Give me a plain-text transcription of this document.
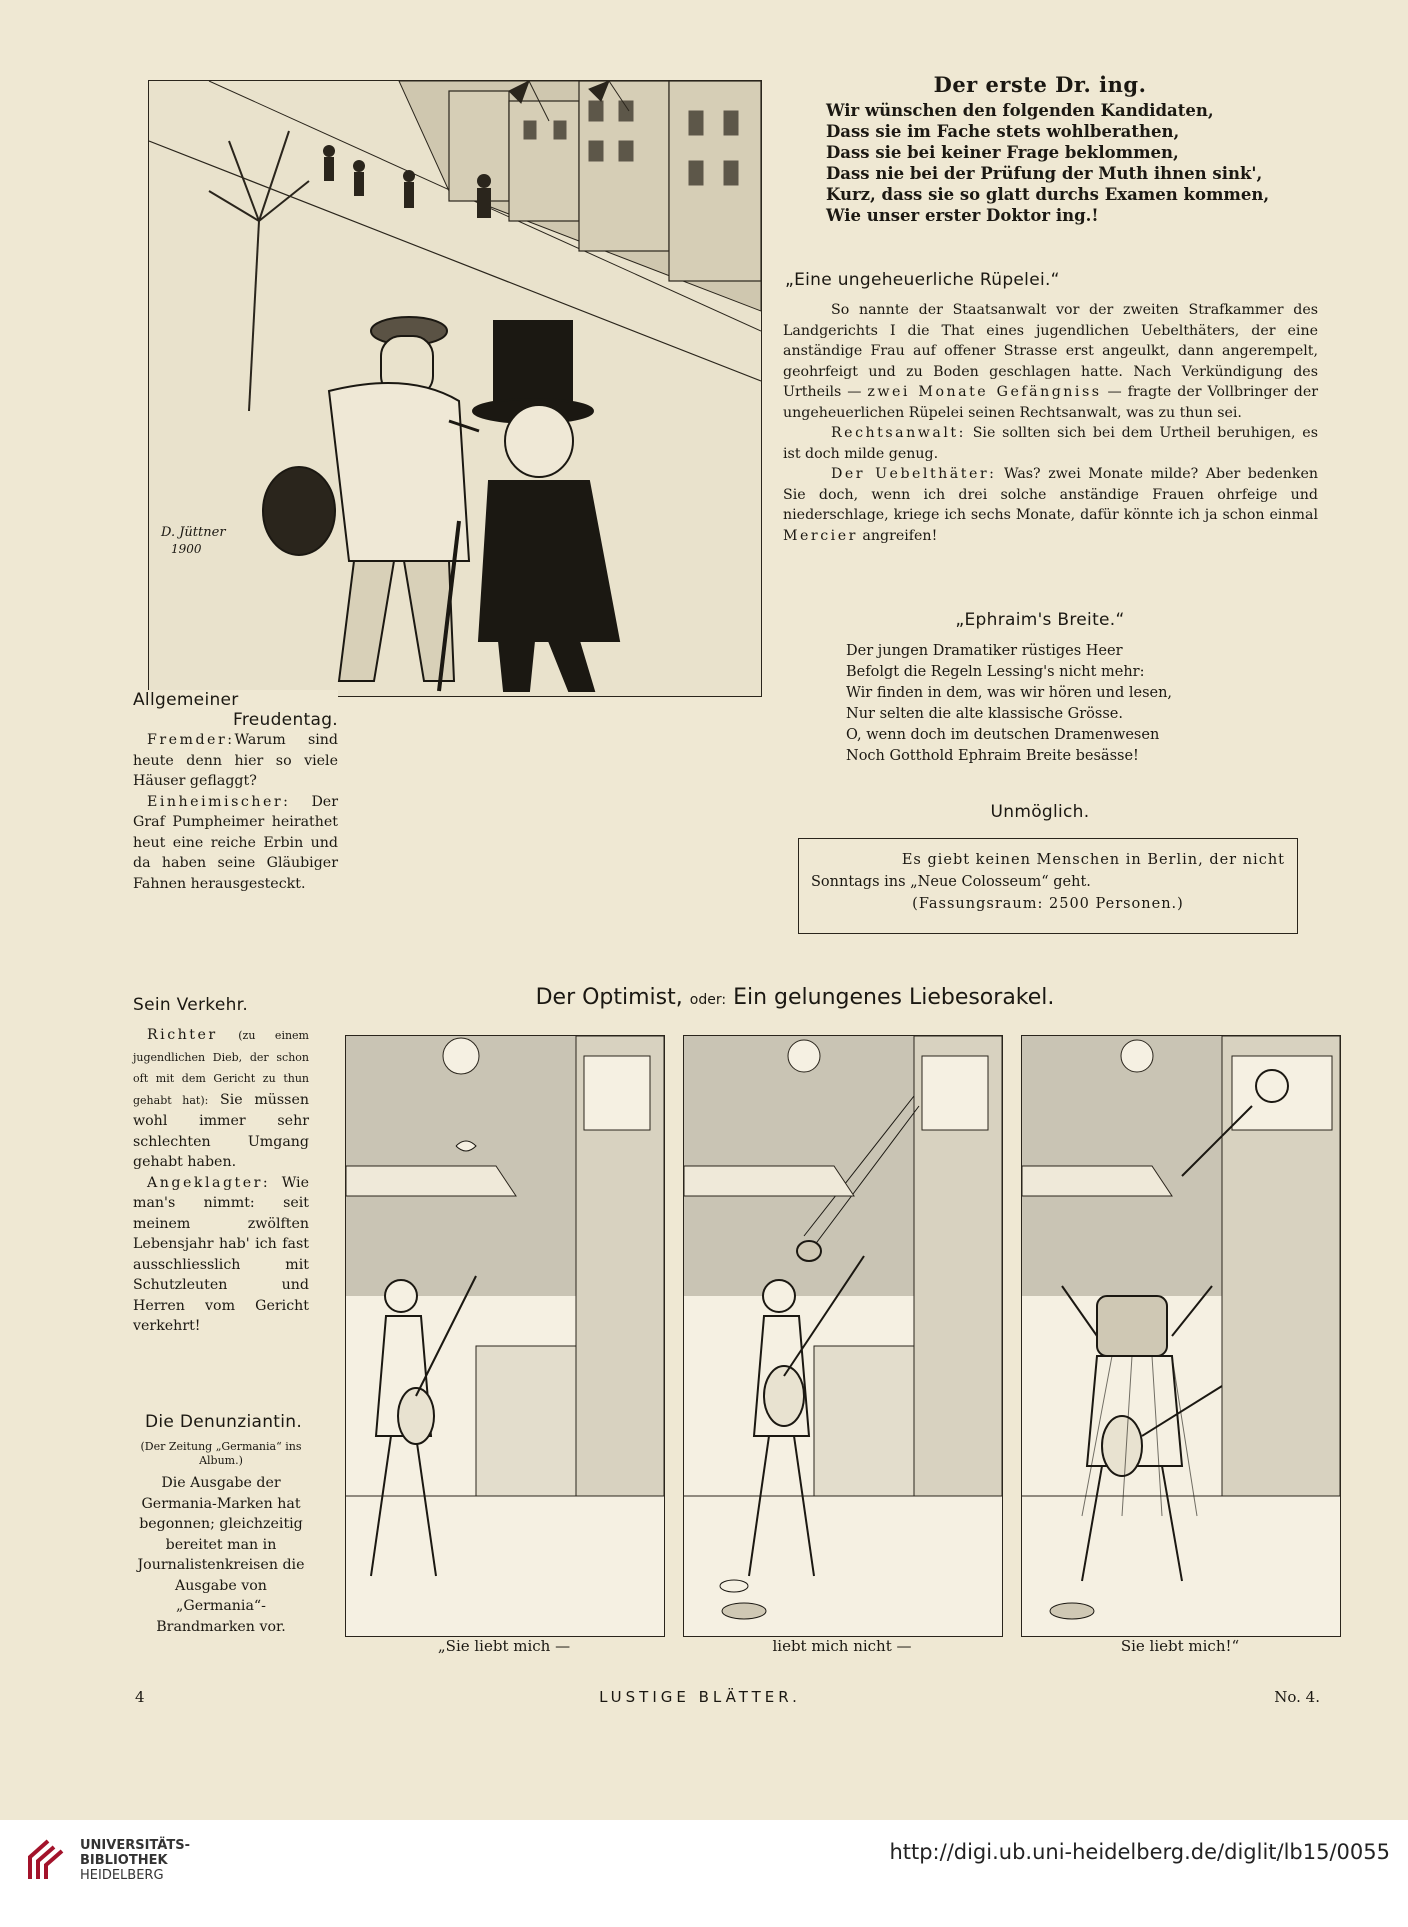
D. Jüttner
1900
Allgemeiner
Freudentag.

Fremder:Warum sind heute denn hier so viele Häuser geflaggt?

Einheimischer: Der Graf Pumpheimer heirathet heut eine reiche Erbin und da haben seine Gläubiger Fahnen herausgesteckt.

Der erste Dr. ing.
Wir wünschen den folgenden Kandidaten,
Dass sie im Fache stets wohlberathen,
Dass sie bei keiner Frage beklommen,
Dass nie bei der Prüfung der Muth ihnen sink',
Kurz, dass sie so glatt durchs Examen kommen,
Wie unser erster Doktor ing.!
„Eine ungeheuerliche Rüpelei.“

So nannte der Staatsanwalt vor der zweiten Strafkammer des Landgerichts I die That eines jugendlichen Uebelthäters, der eine anständige Frau auf offener Strasse erst angeulkt, dann angerempelt, geohrfeigt und zu Boden geschlagen hatte. Nach Verkündigung des Urtheils — zwei Monate Gefängniss — fragte der Vollbringer der ungeheuerlichen Rüpelei seinen Rechtsanwalt, was zu thun sei.

Rechtsanwalt: Sie sollten sich bei dem Urtheil beruhigen, es ist doch milde genug.

Der Uebelthäter: Was? zwei Monate milde? Aber bedenken Sie doch, wenn ich drei solche anständige Frauen ohrfeige und niederschlage, kriege ich sechs Monate, dafür könnte ich ja schon einmal Mercier angreifen!

„Ephraim's Breite.“
Der jungen Dramatiker rüstiges Heer
Befolgt die Regeln Lessing's nicht mehr:
Wir finden in dem, was wir hören und lesen,
Nur selten die alte klassische Grösse.
O, wenn doch im deutschen Dramenwesen
Noch Gotthold Ephraim Breite besässe!
Unmöglich.
Es giebt keinen Menschen in Berlin, der nicht
Sonntags ins „Neue Colosseum“ geht.
(Fassungsraum: 2500 Personen.)
Sein Verkehr.

Richter (zu einem jugendlichen Dieb, der schon oft mit dem Gericht zu thun gehabt hat): Sie müssen wohl immer sehr schlechten Umgang gehabt haben.

Angeklagter: Wie man's nimmt: seit meinem zwölften Lebensjahr hab' ich fast ausschliesslich mit Schutzleuten und Herren vom Gericht verkehrt!

Die Denunziantin.
(Der Zeitung „Germania“ ins Album.)
Die Ausgabe der Germania-Marken hat begonnen; gleichzeitig bereitet man in Journalistenkreisen die Ausgabe von „Germania“-Brandmarken vor.
Der Optimist, oder: Ein gelungenes Liebesorakel.
„Sie liebt mich —	liebt mich nicht —	Sie liebt mich!“
4	LUSTIGE BLÄTTER.	No. 4.
UNIVERSITÄTS-
BIBLIOTHEK
HEIDELBERG
http://digi.ub.uni-heidelberg.de/diglit/lb15/0055
